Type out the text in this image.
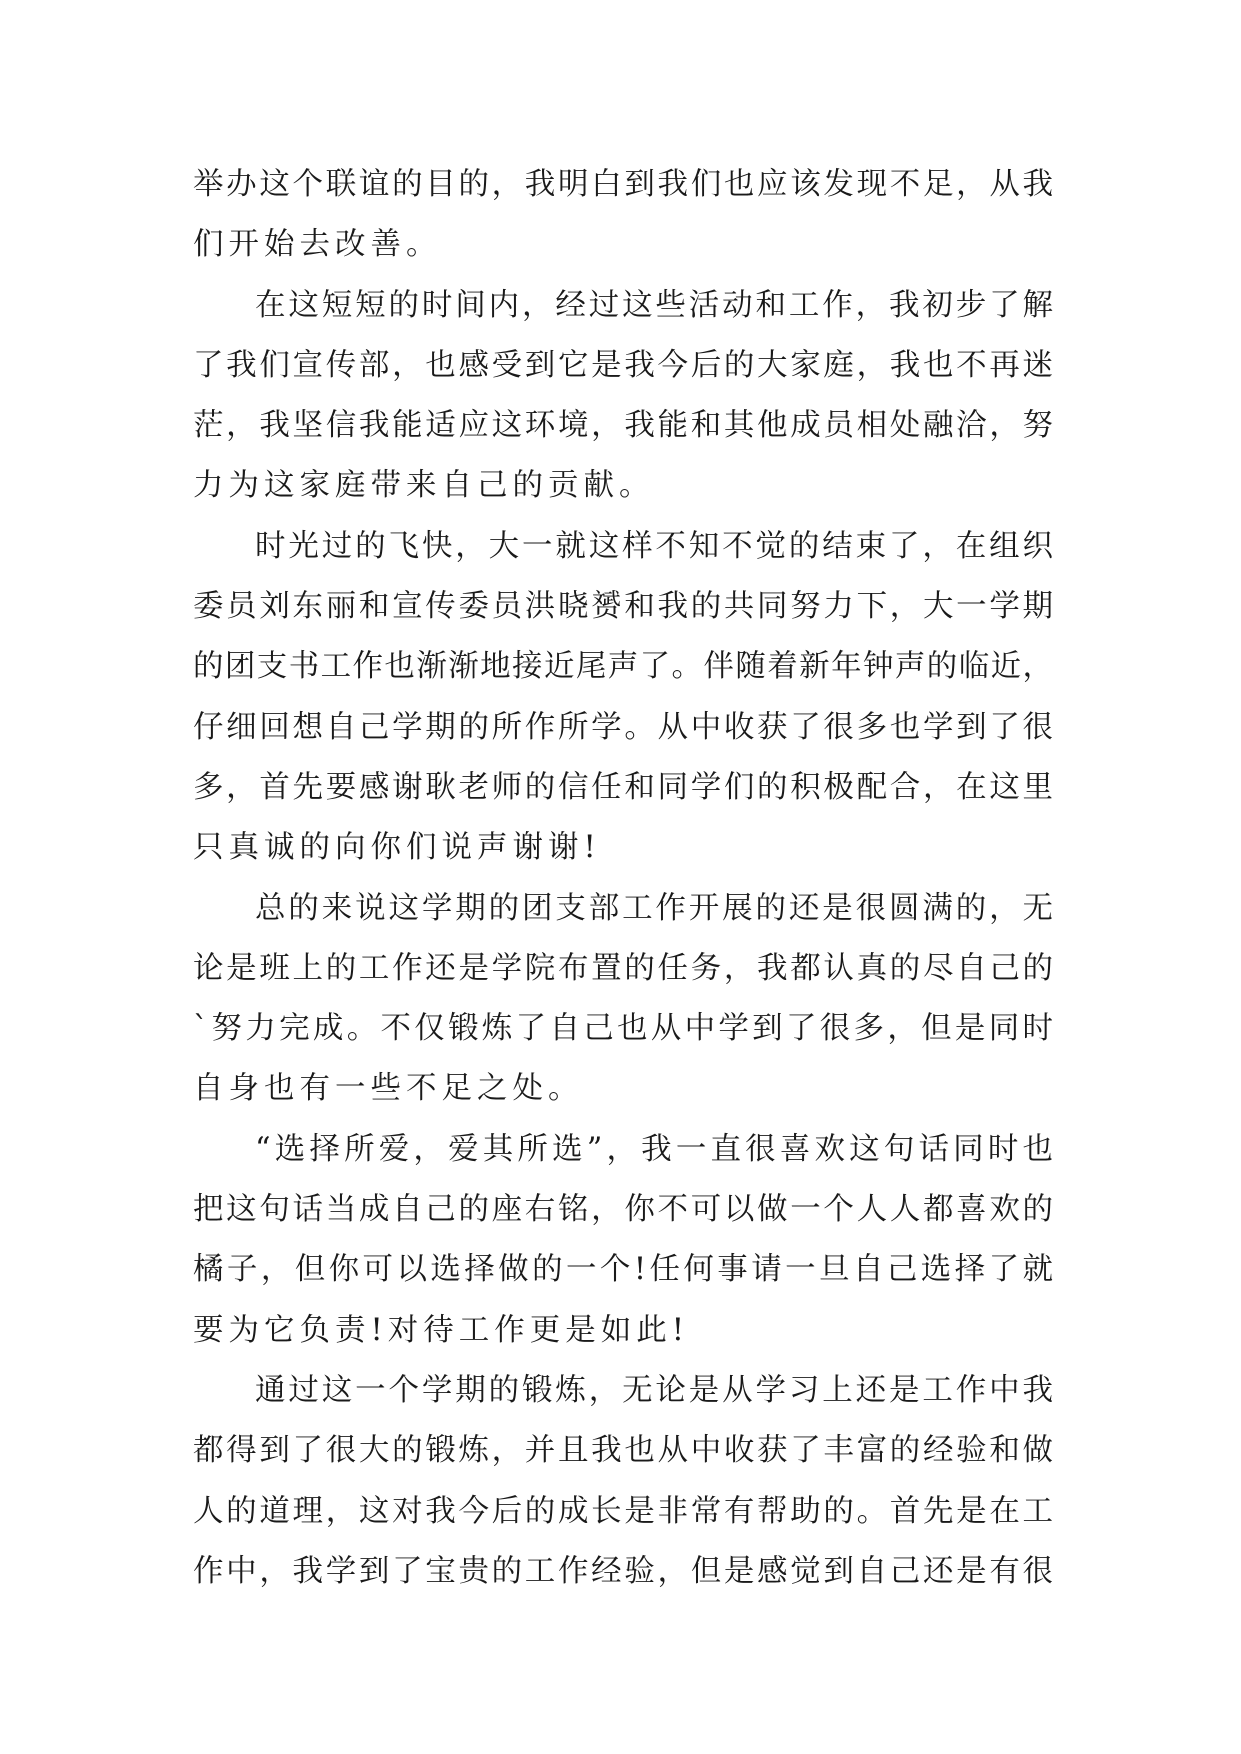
举办这个联谊的目的，我明白到我们也应该发现不足，从我
们开始去改善。
在这短短的时间内，经过这些活动和工作，我初步了解
了我们宣传部，也感受到它是我今后的大家庭，我也不再迷
茫，我坚信我能适应这环境，我能和其他成员相处融洽，努
力为这家庭带来自己的贡献。
时光过的飞快，大一就这样不知不觉的结束了，在组织
委员刘东丽和宣传委员洪晓赟和我的共同努力下，大一学期
的团支书工作也渐渐地接近尾声了。伴随着新年钟声的临近，
仔细回想自己学期的所作所学。从中收获了很多也学到了很
多，首先要感谢耿老师的信任和同学们的积极配合，在这里
只真诚的向你们说声谢谢!
总的来说这学期的团支部工作开展的还是很圆满的，无
论是班上的工作还是学院布置的任务，我都认真的尽自己的
`努力完成。不仅锻炼了自己也从中学到了很多，但是同时
自身也有一些不足之处。
“选择所爱，爱其所选”，我一直很喜欢这句话同时也
把这句话当成自己的座右铭，你不可以做一个人人都喜欢的
橘子，但你可以选择做的一个!任何事请一旦自己选择了就
要为它负责!对待工作更是如此!
通过这一个学期的锻炼，无论是从学习上还是工作中我
都得到了很大的锻炼，并且我也从中收获了丰富的经验和做
人的道理，这对我今后的成长是非常有帮助的。首先是在工
作中，我学到了宝贵的工作经验，但是感觉到自己还是有很
